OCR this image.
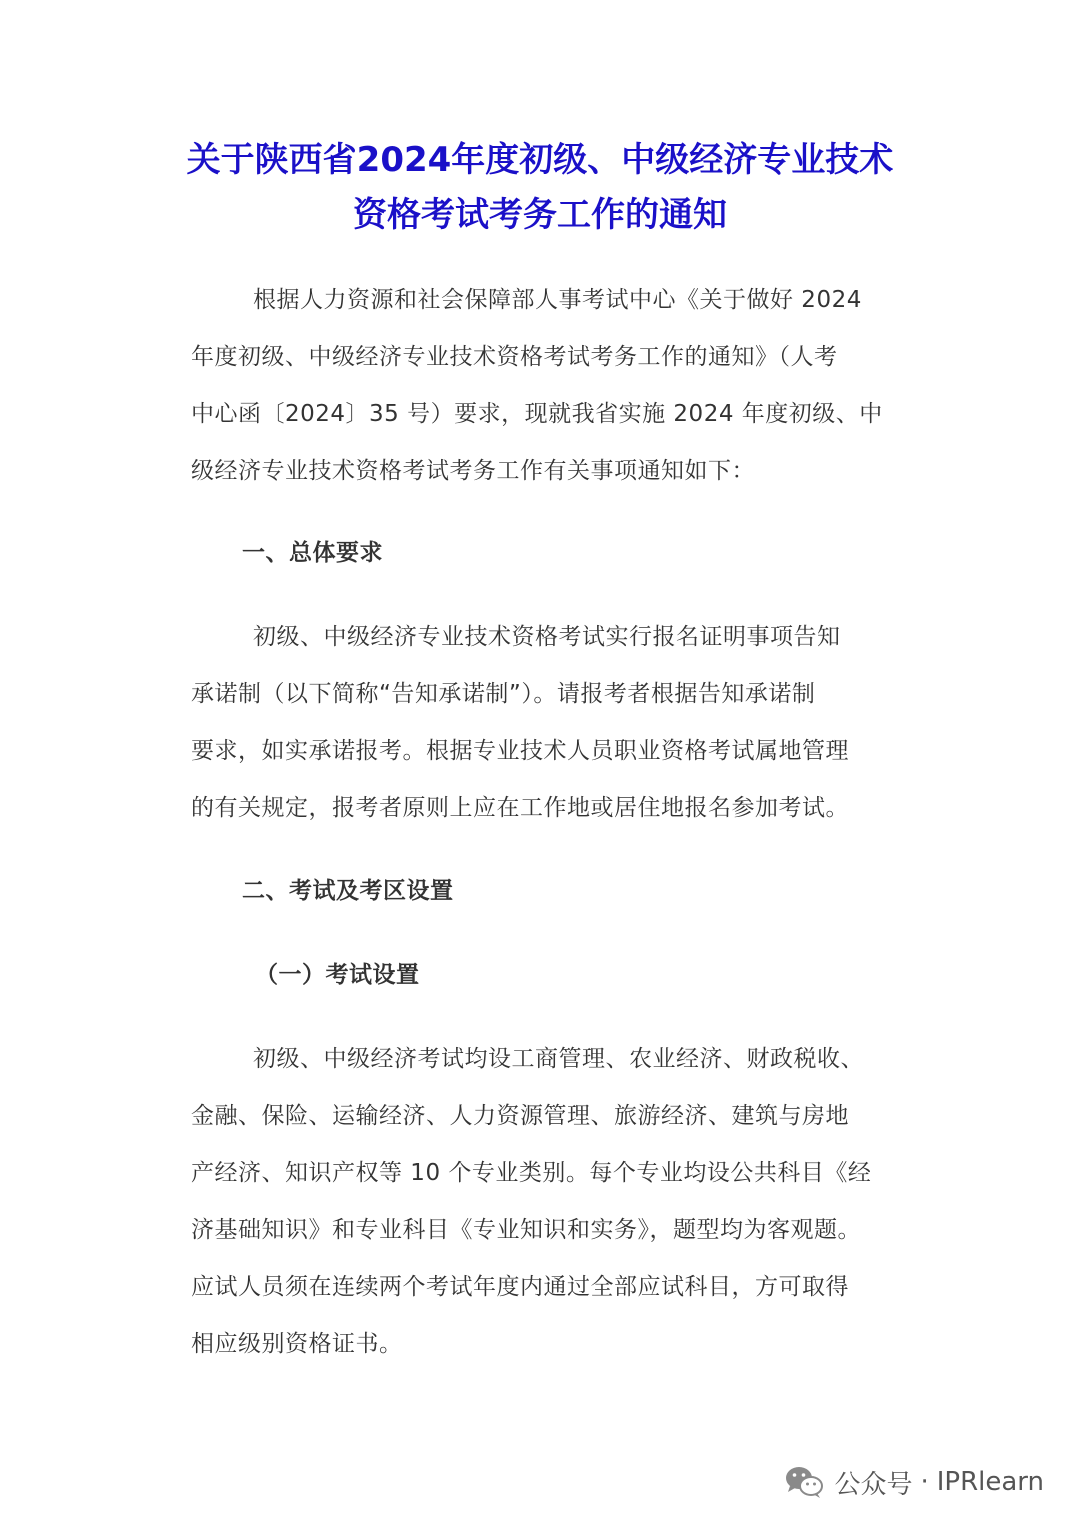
关于陕西省2024年度初级、中级经济专业技术
资格考试考务工作的通知
根据人力资源和社会保障部人事考试中心《关于做好 2024
年度初级、中级经济专业技术资格考试考务工作的通知》（人考
中心函〔2024〕35 号）要求，现就我省实施 2024 年度初级、中
级经济专业技术资格考试考务工作有关事项通知如下：
一、总体要求
初级、中级经济专业技术资格考试实行报名证明事项告知
承诺制（以下简称“告知承诺制”）。请报考者根据告知承诺制
要求，如实承诺报考。根据专业技术人员职业资格考试属地管理
的有关规定，报考者原则上应在工作地或居住地报名参加考试。
二、考试及考区设置
（一）考试设置
初级、中级经济考试均设工商管理、农业经济、财政税收、
金融、保险、运输经济、人力资源管理、旅游经济、建筑与房地
产经济、知识产权等 10 个专业类别。每个专业均设公共科目《经
济基础知识》和专业科目《专业知识和实务》，题型均为客观题。
应试人员须在连续两个考试年度内通过全部应试科目，方可取得
相应级别资格证书。
公众号 · IPRlearn
